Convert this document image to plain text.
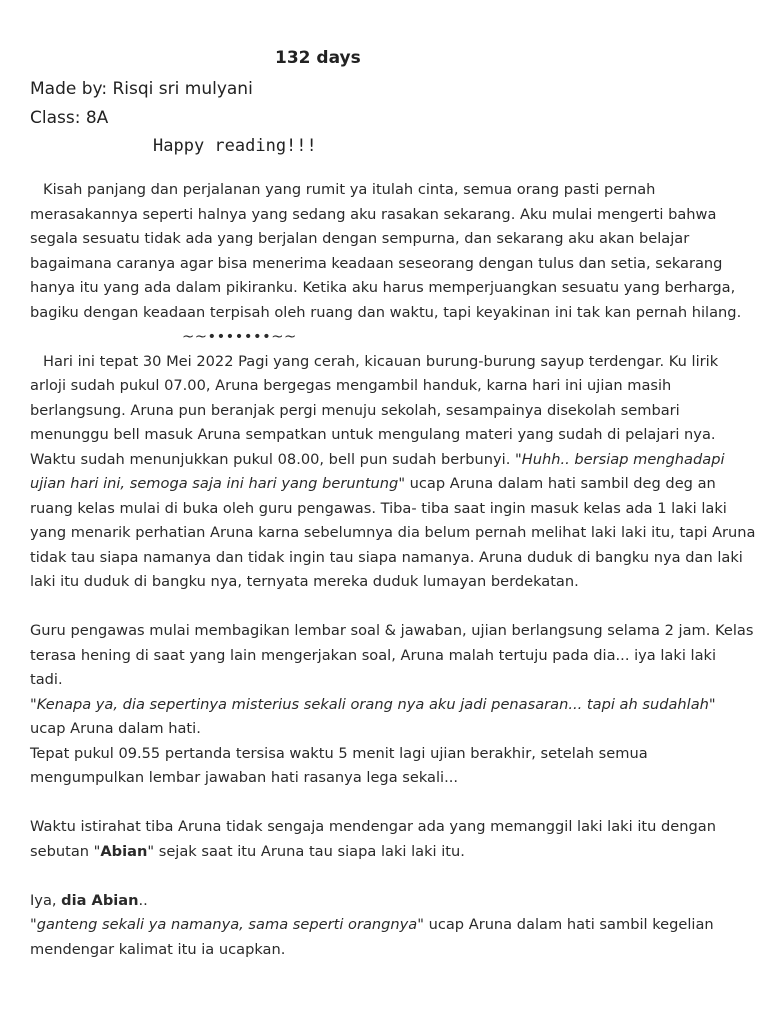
132 days
Made by: Risqi sri mulyani
Class: 8A
Happy reading!!!
Kisah panjang dan perjalanan yang rumit ya itulah cinta, semua orang pasti pernah
merasakannya seperti halnya yang sedang aku rasakan sekarang. Aku mulai mengerti bahwa
segala sesuatu tidak ada yang berjalan dengan sempurna, dan sekarang aku akan belajar
bagaimana caranya agar bisa menerima keadaan seseorang dengan tulus dan setia, sekarang
hanya itu yang ada dalam pikiranku. Ketika aku harus memperjuangkan sesuatu yang berharga,
bagiku dengan keadaan terpisah oleh ruang dan waktu, tapi keyakinan ini tak kan pernah hilang.
~~•••••••~~
Hari ini tepat 30 Mei 2022 Pagi yang cerah, kicauan burung-burung sayup terdengar. Ku lirik
arloji sudah pukul 07.00, Aruna bergegas mengambil handuk, karna hari ini ujian masih
berlangsung. Aruna pun beranjak pergi menuju sekolah, sesampainya disekolah sembari
menunggu bell masuk Aruna sempatkan untuk mengulang materi yang sudah di pelajari nya.
Waktu sudah menunjukkan pukul 08.00, bell pun sudah berbunyi. "Huhh.. bersiap menghadapi
ujian hari ini, semoga saja ini hari yang beruntung" ucap Aruna dalam hati sambil deg deg an
ruang kelas mulai di buka oleh guru pengawas. Tiba- tiba saat ingin masuk kelas ada 1 laki laki
yang menarik perhatian Aruna karna sebelumnya dia belum pernah melihat laki laki itu, tapi Aruna
tidak tau siapa namanya dan tidak ingin tau siapa namanya. Aruna duduk di bangku nya dan laki
laki itu duduk di bangku nya, ternyata mereka duduk lumayan berdekatan.
Guru pengawas mulai membagikan lembar soal & jawaban, ujian berlangsung selama 2 jam. Kelas
terasa hening di saat yang lain mengerjakan soal, Aruna malah tertuju pada dia... iya laki laki
tadi.
"Kenapa ya, dia sepertinya misterius sekali orang nya aku jadi penasaran... tapi ah sudahlah"
ucap Aruna dalam hati.
Tepat pukul 09.55 pertanda tersisa waktu 5 menit lagi ujian berakhir, setelah semua
mengumpulkan lembar jawaban hati rasanya lega sekali...
Waktu istirahat tiba Aruna tidak sengaja mendengar ada yang memanggil laki laki itu dengan
sebutan "Abian" sejak saat itu Aruna tau siapa laki laki itu.
Iya, dia Abian..
"ganteng sekali ya namanya, sama seperti orangnya" ucap Aruna dalam hati sambil kegelian
mendengar kalimat itu ia ucapkan.
